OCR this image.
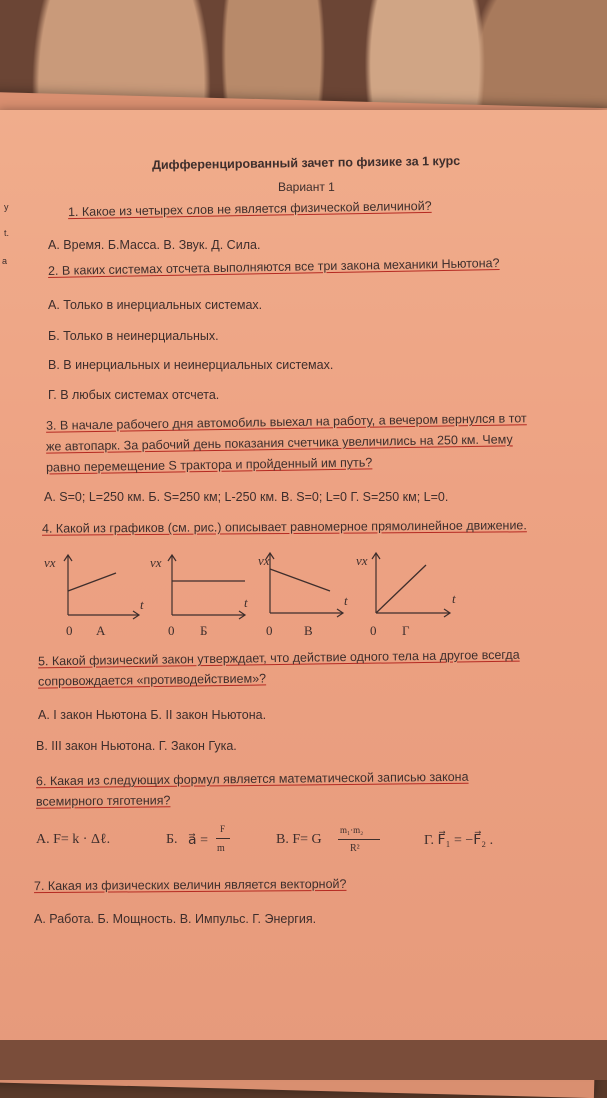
у
t.
а
Дифференцированный зачет по физике за 1 курс
Вариант 1
1. Какое из четырех слов не является физической величиной?
А. Время. Б.Масса. В. Звук. Д. Сила.
2. В каких системах отсчета выполняются все три закона механики Ньютона?
А. Только в инерциальных системах.
Б. Только в неинерциальных.
В. В инерциальных и неинерциальных системах.
Г. В любых системах отсчета.
3. В начале рабочего дня автомобиль выехал на работу, а вечером вернулся в тот
же автопарк. За рабочий день показания счетчика увеличились на 250 км. Чему
равно перемещение S трактора и пройденный им путь?
А. S=0; L=250 км. Б. S=250 км; L-250 км. В. S=0; L=0 Г. S=250 км; L=0.
4. Какой из графиков (см. рис.) описывает равномерное прямолинейное движение.
vx
t
0 А
vx
t
0 Б
vx
t
0 В
vx
t
0 Г
5. Какой физический закон утверждает, что действие одного тела на другое всегда
сопровождается «противодействием»?
А. I закон Ньютона Б. II закон Ньютона.
В. III закон Ньютона. Г. Закон Гука.
6. Какая из следующих формул является математической записью закона
всемирного тяготения?
А. F= k · Δℓ.	Б. a⃗ =
F
m
В. F= G
m₁·m₂
R²
Г. F⃗₁ = −F⃗₂ .
7. Какая из физических величин является векторной?
А. Работа. Б. Мощность. В. Импульс. Г. Энергия.
